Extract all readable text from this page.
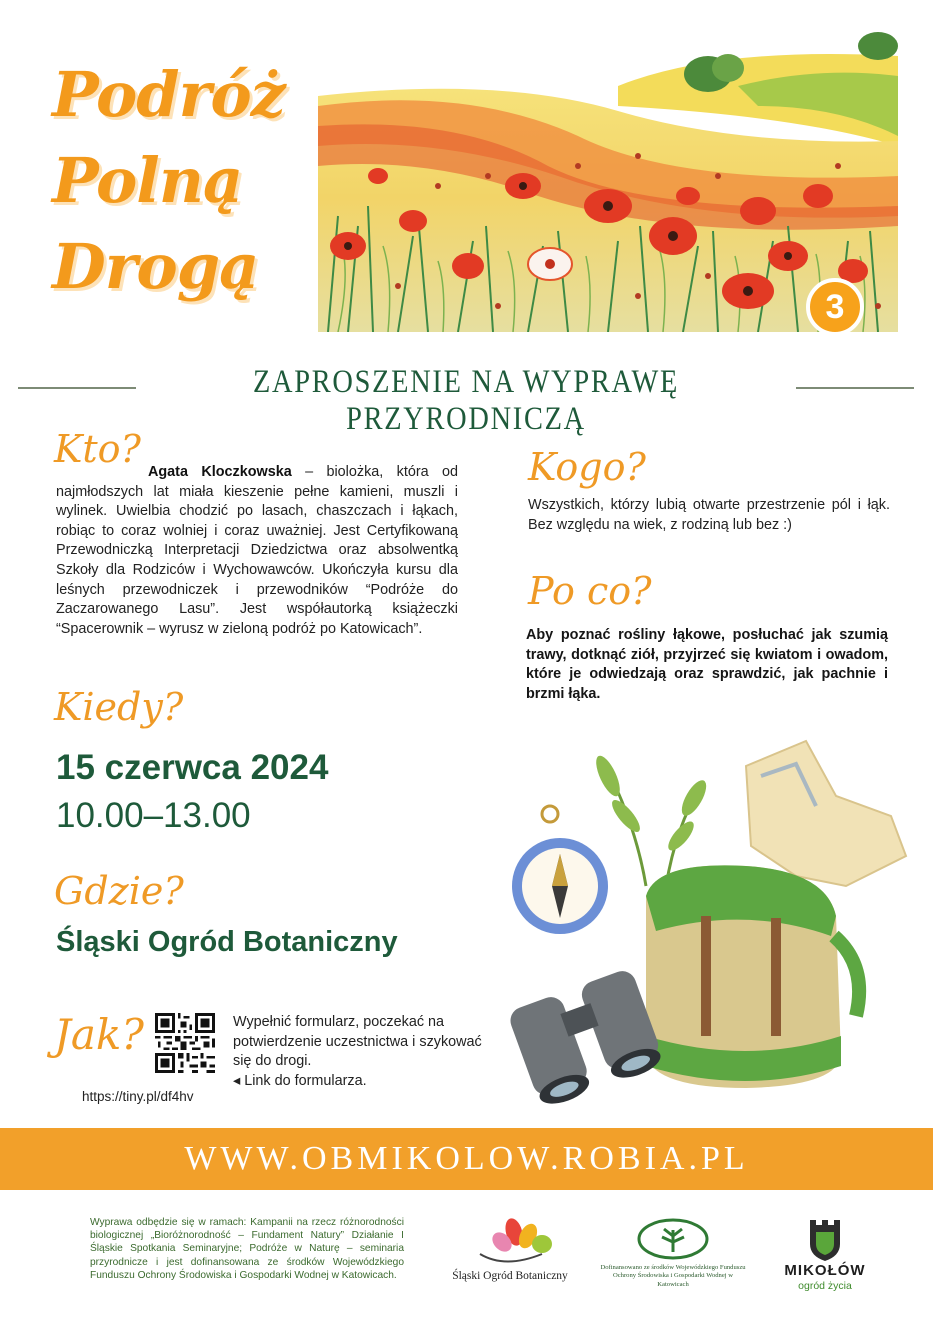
Podróż
Polną
Drogą
3
ZAPROSZENIE NA WYPRAWĘ PRZYRODNICZĄ
Kto?
Agata Kloczkowska – biolożka, która od najmłodszych lat miała kieszenie pełne kamieni, muszli i wylinek. Uwielbia chodzić po lasach, chaszczach i łąkach, robiąc to coraz wolniej i coraz uważniej. Jest Certyfikowaną Przewodniczką Interpretacji Dziedzictwa oraz absolwentką Szkoły dla Rodziców i Wychowawców. Ukończyła kursu dla leśnych przewodniczek i przewodników “Podróże do Zaczarowanego Lasu”. Jest współautorką książeczki “Spacerownik – wyrusz w zieloną podróż po Katowicach”.
Kogo?
Wszystkich, którzy lubią otwarte przestrzenie pól i łąk. Bez względu na wiek, z rodziną lub bez :)
Po co?
Aby poznać rośliny łąkowe, posłuchać jak szumią trawy, dotknąć ziół, przyjrzeć się kwiatom i owadom, które je odwiedzają oraz sprawdzić, jak pachnie i brzmi łąka.
Kiedy?
15 czerwca 2024
10.00–13.00
Gdzie?
Śląski Ogród Botaniczny
Jak?	Wypełnić formularz, poczekać na potwierdzenie uczestnictwa i szykować się do drogi.
◂ Link do formularza.
https://tiny.pl/df4hv
WWW.OBMIKOLOW.ROBIA.PL
Wyprawa odbędzie się w ramach: Kampanii na rzecz różnorodności biologicznej „Bioróżnorodność – Fundament Natury” Działanie I Śląskie Spotkania Seminaryjne; Podróże w Naturę – seminaria przyrodnicze i jest dofinansowana ze środków Wojewódzkiego Funduszu Ochrony Środowiska i Gospodarki Wodnej w Katowicach.	Śląski Ogród Botaniczny
Dofinansowano ze środków Wojewódzkiego Funduszu Ochrony Środowiska i Gospodarki Wodnej w Katowicach
MIKOŁÓW
ogród życia
